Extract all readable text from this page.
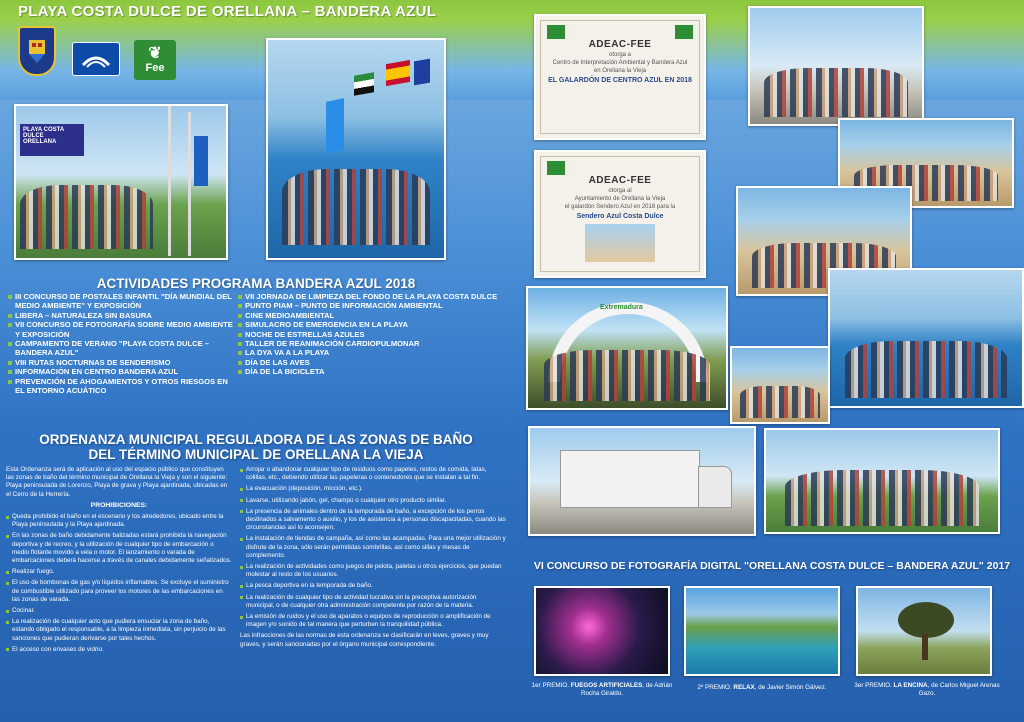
PLAYA COSTA DULCE DE ORELLANA – BANDERA AZUL
❦
Fee
PLAYA COSTA DULCE
ORELLANA
ACTIVIDADES PROGRAMA BANDERA AZUL 2018
III CONCURSO DE POSTALES INFANTIL "DÍA MUNDIAL DEL MEDIO AMBIENTE" Y EXPOSICIÓN
LIBERA – NATURALEZA SIN BASURA
VII CONCURSO DE FOTOGRAFÍA SOBRE MEDIO AMBIENTE Y EXPOSICIÓN
CAMPAMENTO DE VERANO "PLAYA COSTA DULCE – BANDERA AZUL"
VIII RUTAS NOCTURNAS DE SENDERISMO
INFORMACIÓN EN CENTRO BANDERA AZUL
PREVENCIÓN DE AHOGAMIENTOS Y OTROS RIESGOS EN EL ENTORNO ACUÁTICO
VII JORNADA DE LIMPIEZA DEL FONDO DE LA PLAYA COSTA DULCE
PUNTO PIAM – PUNTO DE INFORMACIÓN AMBIENTAL
CINE MEDIOAMBIENTAL
SIMULACRO DE EMERGENCIA EN LA PLAYA
NOCHE DE ESTRELLAS AZULES
TALLER DE REANIMACIÓN CARDIOPULMONAR
LA DYA VA A LA PLAYA
DÍA DE LAS AVES
DÍA DE LA BICICLETA
ORDENANZA MUNICIPAL REGULADORA DE LAS ZONAS DE BAÑO
DEL TÉRMINO MUNICIPAL DE ORELLANA LA VIEJA

Esta Ordenanza será de aplicación al uso del espacio público que constituyen las zonas de baño del término municipal de Orellana la Vieja y son el siguiente: Playa peninsulada de Lorenzo, Playa de grava y Playa ajardinada, ubicadas en el Cerro de la Herrería.

PROHIBICIONES:

Queda prohibido el baño en el escenario y los alrededores, ubicado entre la Playa peninsulada y la Playa ajardinada.

En las zonas de baño debidamente balizadas estará prohibida la navegación deportiva y de recreo, y la utilización de cualquier tipo de embarcación o medio flotante movido a vela o motor. El lanzamiento o varada de embarcaciones deberá hacerse a través de canales debidamente señalizados.

Realizar fuego.

El uso de bombonas de gas y/o líquidos inflamables. Se excluye el suministro de combustible utilizado para proveer los motores de las embarcaciones en las zonas de varada.

Cocinar.

La realización de cualquier acto que pudiera ensuciar la zona de baño, estando obligado el responsable, a la limpieza inmediata, sin perjuicio de las sanciones que pudieran derivarse por tales hechos.

El acceso con envases de vidrio.

Arrojar o abandonar cualquier tipo de residuos como papeles, restos de comida, latas, colillas, etc., debiendo utilizar las papeleras o contenedores que se instalan a tal fin.

La evacuación (deposición, micción, etc.).

Lavarse, utilizando jabón, gel, champú o cualquier otro producto similar.

La presencia de animales dentro de la temporada de baño, a excepción de los perros destinados a salvamento o auxilio, y los de asistencia a personas discapacitadas, cuando las circunstancias así lo aconsejen.

La instalación de tiendas de campaña, así como las acampadas. Para una mejor utilización y disfrute de la zona, sólo serán permitidas sombrillas, así como sillas y mesas de complemento.

La realización de actividades como juegos de pelota, paletas u otros ejercicios, que puedan molestar al resto de los usuarios.

La pesca deportiva en la temporada de baño.

La realización de cualquier tipo de actividad lucrativa sin la preceptiva autorización municipal, o de cualquier otra administración competente por razón de la materia.

La emisión de ruidos y el uso de aparatos o equipos de reproducción o amplificación de imagen y/o sonido de tal manera que perturben la tranquilidad pública.

Las infracciones de las normas de esta ordenanza se clasificarán en leves, graves y muy graves, y serán sancionadas por el órgano municipal correspondiente.

ADEAC-FEE
otorga a
Centro de Interpretación Ambiental y Bandera Azul
en Orellana la Vieja
EL GALARDÓN DE CENTRO AZUL EN 2018
ADEAC-FEE
otorga al
Ayuntamiento de Orellana la Vieja
el galardón Sendero Azul en 2018 para la
Sendero Azul Costa Dulce
Extremadura
VI CONCURSO DE FOTOGRAFÍA DIGITAL "ORELLANA COSTA DULCE – BANDERA AZUL" 2017
1er PREMIO. FUEGOS ARTIFICIALES, de Adrián Rocha Giraldo.
2º PREMIO. RELAX, de Javier Simón Gálvez.	3er PREMIO. LA ENCINA, de Carlos Miguel Arenas Gazo.
